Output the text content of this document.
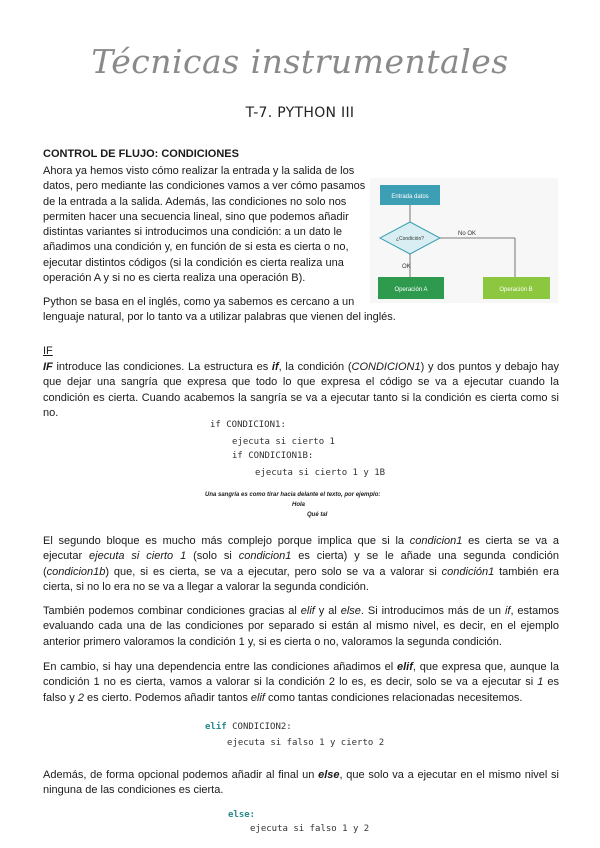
Técnicas instrumentales
T-7. PYTHON III
CONTROL DE FLUJO: CONDICIONES
Ahora ya hemos visto cómo realizar la entrada y la salida de los
datos, pero mediante las condiciones vamos a ver cómo pasamos
de la entrada a la salida. Además, las condiciones no solo nos
permiten hacer una secuencia lineal, sino que podemos añadir
distintas variantes si introducimos una condición: a un dato le
añadimos una condición y, en función de si esta es cierta o no,
ejecutar distintos códigos (si la condición es cierta realiza una
operación A y si no es cierta realiza una operación B).
Entrada datos
¿Condición?
No OK
OK
Operación A	Operación B
Python se basa en el inglés, como ya sabemos es cercano a un
lenguaje natural, por lo tanto va a utilizar palabras que vienen del inglés.
IF
IF introduce las condiciones. La estructura es if, la condición (CONDICION1) y dos puntos y debajo hay
que dejar una sangría que expresa que todo lo que expresa el código se va a ejecutar cuando la
condición es cierta. Cuando acabemos la sangría se va a ejecutar tanto si la condición es cierta como si
no.
if CONDICION1:
ejecuta si cierto 1
if CONDICION1B:
ejecuta si cierto 1 y 1B
Una sangría es como tirar hacia delante el texto, por ejemplo:
Hola
Qué tal
El segundo bloque es mucho más complejo porque implica que si la condicion1 es cierta se va a
ejecutar ejecuta si cierto 1 (solo si condicion1 es cierta) y se le añade una segunda condición
(condicion1b) que, si es cierta, se va a ejecutar, pero solo se va a valorar si condición1 también era
cierta, si no lo era no se va a llegar a valorar la segunda condición.
También podemos combinar condiciones gracias al elif y al else. Si introducimos más de un if, estamos
evaluando cada una de las condiciones por separado si están al mismo nivel, es decir, en el ejemplo
anterior primero valoramos la condición 1 y, si es cierta o no, valoramos la segunda condición.
En cambio, si hay una dependencia entre las condiciones añadimos el elif, que expresa que, aunque la
condición 1 no es cierta, vamos a valorar si la condición 2 lo es, es decir, solo se va a ejecutar si 1 es
falso y 2 es cierto. Podemos añadir tantos elif como tantas condiciones relacionadas necesitemos.
elif CONDICION2:
ejecuta si falso 1 y cierto 2
Además, de forma opcional podemos añadir al final un else, que solo va a ejecutar en el mismo nivel si
ninguna de las condiciones es cierta.
else:
ejecuta si falso 1 y 2
